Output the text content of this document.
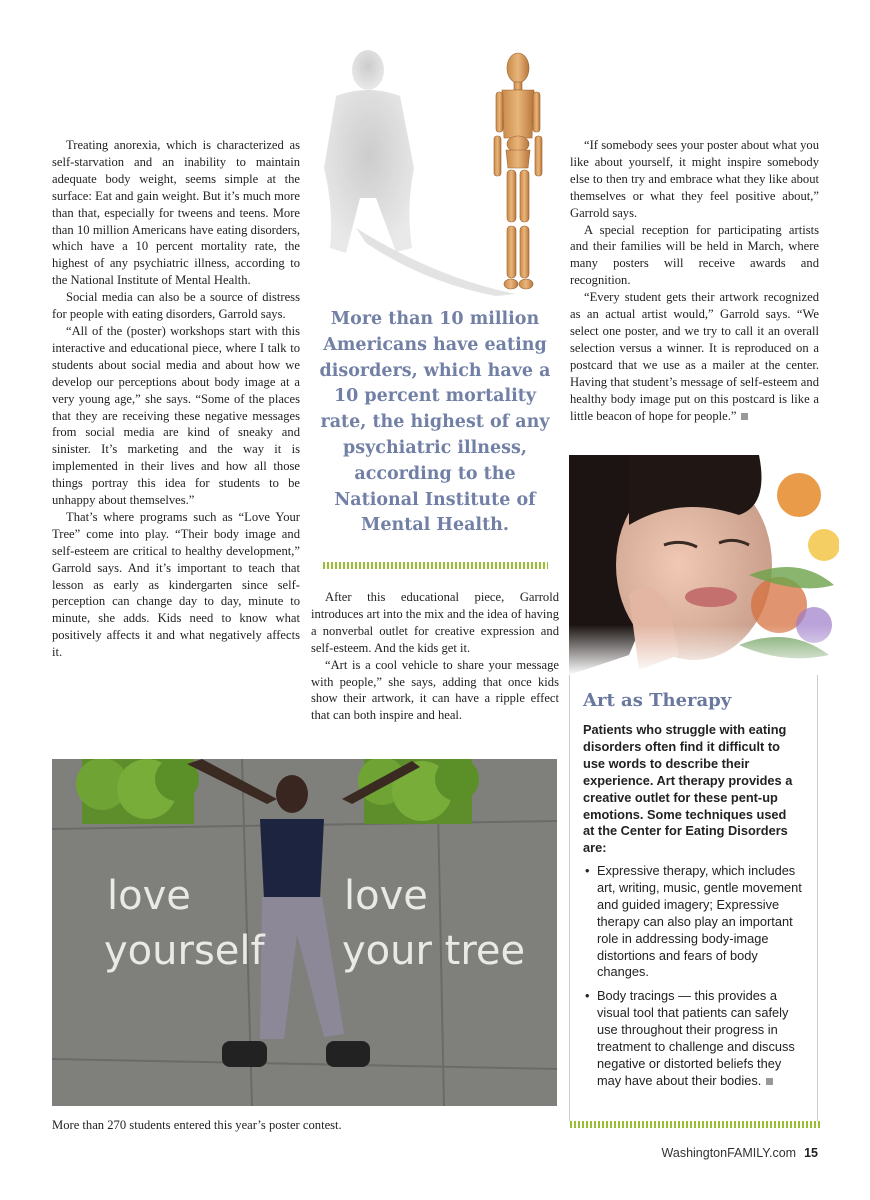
Treating anorexia, which is characterized as self-starvation and an inability to maintain adequate body weight, seems simple at the surface: Eat and gain weight. But it’s much more than that, especially for tweens and teens. More than 10 million Americans have eating disorders, which have a 10 percent mortality rate, the highest of any psychiatric illness, according to the National Institute of Mental Health.

Social media can also be a source of distress for people with eating disorders, Garrold says.

“All of the (poster) workshops start with this interactive and educational piece, where I talk to students about social media and about how we develop our perceptions about body image at a very young age,” she says. “Some of the places that they are receiving these negative messages from social media are kind of sneaky and sinister. It’s marketing and the way it is implemented in their lives and how all those things portray this idea for students to be unhappy about themselves.”

That’s where programs such as “Love Your Tree” come into play. “Their body image and self-esteem are critical to healthy development,” Garrold says. And it’s important to teach that lesson as early as kindergarten since self-perception can change day to day, minute to minute, she adds. Kids need to know what positively affects it and what negatively affects it.

More than 10 million Americans have eating disorders, which have a 10 percent mortality rate, the highest of any psychiatric illness, according to the National Institute of Mental Health.

After this educational piece, Garrold introduces art into the mix and the idea of having a nonverbal outlet for creative expression and self-esteem. And the kids get it.

“Art is a cool vehicle to share your message with people,” she says, adding that once kids show their artwork, it can have a ripple effect that can both inspire and heal.

“If somebody sees your poster about what you like about yourself, it might inspire somebody else to then try and embrace what they like about themselves or what they feel positive about,” Garrold says.

A special reception for participating artists and their families will be held in March, where many posters will receive awards and recognition.

“Every student gets their artwork recognized as an actual artist would,” Garrold says. “We select one poster, and we try to call it an overall selection versus a winner. It is reproduced on a postcard that we use as a mailer at the center. Having that student’s message of self-esteem and healthy body image put on this postcard is like a little beacon of hope for people.”

love
yourself
love
your tree
More than 270 students entered this year’s poster contest.
Art as Therapy
Patients who struggle with eating disorders often find it difficult to use words to describe their experience. Art therapy provides a creative outlet for these pent-up emotions. Some techniques used at the Center for Eating Disorders are:
• Expressive therapy, which includes art, writing, music, gentle movement and guided imagery; Expressive therapy can also play an important role in addressing body-image distortions and fears of body changes.
• Body tracings — this provides a visual tool that patients can safely use throughout their progress in treatment to challenge and discuss negative or distorted beliefs they may have about their bodies.
WashingtonFAMILY.com 15
